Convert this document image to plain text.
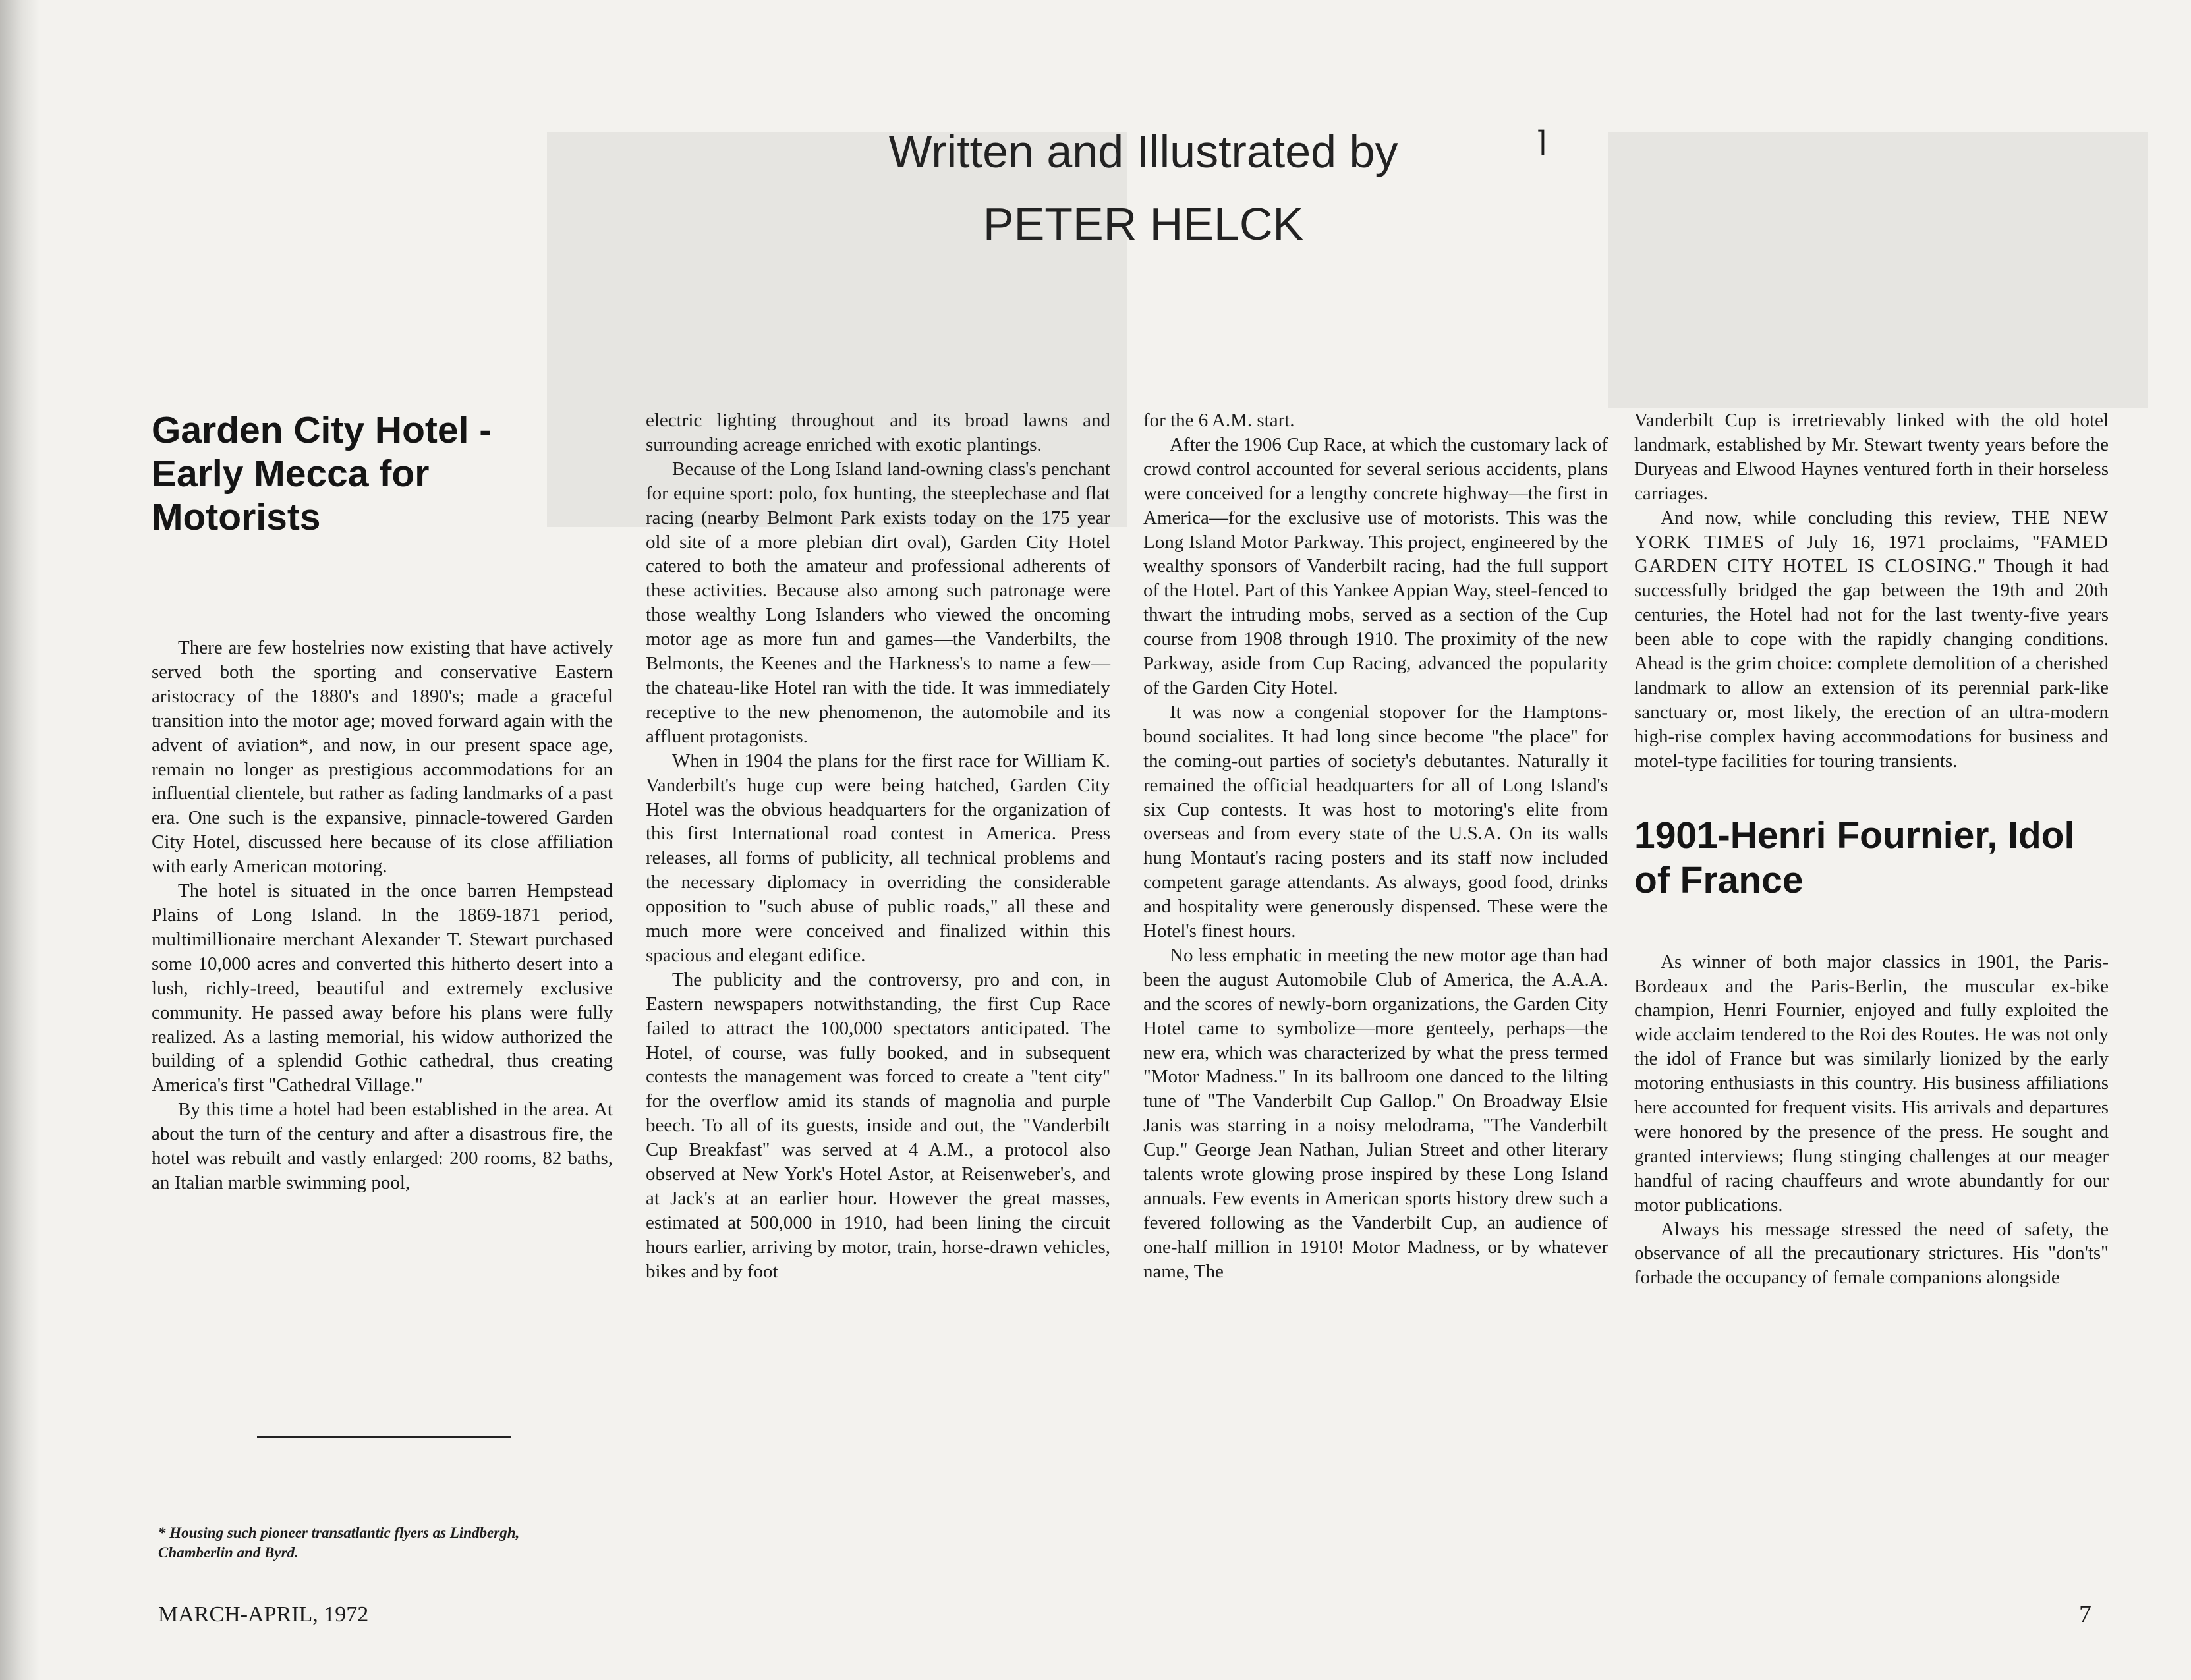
Written and Illustrated by
PETER HELCK
⌉
Garden City Hotel - Early Mecca for Motorists

There are few hostelries now existing that have actively served both the sporting and conservative Eastern aristocracy of the 1880's and 1890's; made a graceful transition into the motor age; moved forward again with the advent of aviation*, and now, in our present space age, remain no longer as prestigious accommodations for an influential clientele, but rather as fading landmarks of a past era. One such is the expansive, pinnacle-towered Garden City Hotel, discussed here because of its close affiliation with early American motoring.

The hotel is situated in the once barren Hempstead Plains of Long Island. In the 1869-1871 period, multimillionaire merchant Alexander T. Stewart purchased some 10,000 acres and converted this hitherto desert into a lush, richly-treed, beautiful and extremely exclusive community. He passed away before his plans were fully realized. As a lasting memorial, his widow authorized the building of a splendid Gothic cathedral, thus creating America's first "Cathedral Village."

By this time a hotel had been established in the area. At about the turn of the century and after a disastrous fire, the hotel was rebuilt and vastly enlarged: 200 rooms, 82 baths, an Italian marble swimming pool,

electric lighting throughout and its broad lawns and surrounding acreage enriched with exotic plantings.

Because of the Long Island land-owning class's penchant for equine sport: polo, fox hunting, the steeplechase and flat racing (nearby Belmont Park exists today on the 175 year old site of a more plebian dirt oval), Garden City Hotel catered to both the amateur and professional adherents of these activities. Because also among such patronage were those wealthy Long Islanders who viewed the oncoming motor age as more fun and games—the Vanderbilts, the Belmonts, the Keenes and the Harkness's to name a few—the chateau-like Hotel ran with the tide. It was immediately receptive to the new phenomenon, the automobile and its affluent protagonists.

When in 1904 the plans for the first race for William K. Vanderbilt's huge cup were being hatched, Garden City Hotel was the obvious headquarters for the organization of this first International road contest in America. Press releases, all forms of publicity, all technical problems and the necessary diplomacy in overriding the considerable opposition to "such abuse of public roads," all these and much more were conceived and finalized within this spacious and elegant edifice.

The publicity and the controversy, pro and con, in Eastern newspapers notwithstanding, the first Cup Race failed to attract the 100,000 spectators anticipated. The Hotel, of course, was fully booked, and in subsequent contests the management was forced to create a "tent city" for the overflow amid its stands of magnolia and purple beech. To all of its guests, inside and out, the "Vanderbilt Cup Breakfast" was served at 4 A.M., a protocol also observed at New York's Hotel Astor, at Reisenweber's, and at Jack's at an earlier hour. However the great masses, estimated at 500,000 in 1910, had been lining the circuit hours earlier, arriving by motor, train, horse-drawn vehicles, bikes and by foot

for the 6 A.M. start.

After the 1906 Cup Race, at which the customary lack of crowd control accounted for several serious accidents, plans were conceived for a lengthy concrete highway—the first in America—for the exclusive use of motorists. This was the Long Island Motor Parkway. This project, engineered by the wealthy sponsors of Vanderbilt racing, had the full support of the Hotel. Part of this Yankee Appian Way, steel-fenced to thwart the intruding mobs, served as a section of the Cup course from 1908 through 1910. The proximity of the new Parkway, aside from Cup Racing, advanced the popularity of the Garden City Hotel.

It was now a congenial stopover for the Hamptons-bound socialites. It had long since become "the place" for the coming-out parties of society's debutantes. Naturally it remained the official headquarters for all of Long Island's six Cup contests. It was host to motoring's elite from overseas and from every state of the U.S.A. On its walls hung Montaut's racing posters and its staff now included competent garage attendants. As always, good food, drinks and hospitality were generously dispensed. These were the Hotel's finest hours.

No less emphatic in meeting the new motor age than had been the august Automobile Club of America, the A.A.A. and the scores of newly-born organizations, the Garden City Hotel came to symbolize—more genteely, perhaps—the new era, which was characterized by what the press termed "Motor Madness." In its ballroom one danced to the lilting tune of "The Vanderbilt Cup Gallop." On Broadway Elsie Janis was starring in a noisy melodrama, "The Vanderbilt Cup." George Jean Nathan, Julian Street and other literary talents wrote glowing prose inspired by these Long Island annuals. Few events in American sports history drew such a fevered following as the Vanderbilt Cup, an audience of one-half million in 1910! Motor Madness, or by whatever name, The

Vanderbilt Cup is irretrievably linked with the old hotel landmark, established by Mr. Stewart twenty years before the Duryeas and Elwood Haynes ventured forth in their horseless carriages.

And now, while concluding this review, THE NEW YORK TIMES of July 16, 1971 proclaims, "FAMED GARDEN CITY HOTEL IS CLOSING." Though it had successfully bridged the gap between the 19th and 20th centuries, the Hotel had not for the last twenty-five years been able to cope with the rapidly changing conditions. Ahead is the grim choice: complete demolition of a cherished landmark to allow an extension of its perennial park-like sanctuary or, most likely, the erection of an ultra-modern high-rise complex having accommodations for business and motel-type facilities for touring transients.

1901-Henri Fournier, Idol of France

As winner of both major classics in 1901, the Paris-Bordeaux and the Paris-Berlin, the muscular ex-bike champion, Henri Fournier, enjoyed and fully exploited the wide acclaim tendered to the Roi des Routes. He was not only the idol of France but was similarly lionized by the early motoring enthusiasts in this country. His business affiliations here accounted for frequent visits. His arrivals and departures were honored by the presence of the press. He sought and granted interviews; flung stinging challenges at our meager handful of racing chauffeurs and wrote abundantly for our motor publications.

Always his message stressed the need of safety, the observance of all the precautionary strictures. His "don'ts" forbade the occupancy of female companions alongside

* Housing such pioneer transatlantic flyers as Lindbergh, Chamberlin and Byrd.
MARCH-APRIL, 1972	7
